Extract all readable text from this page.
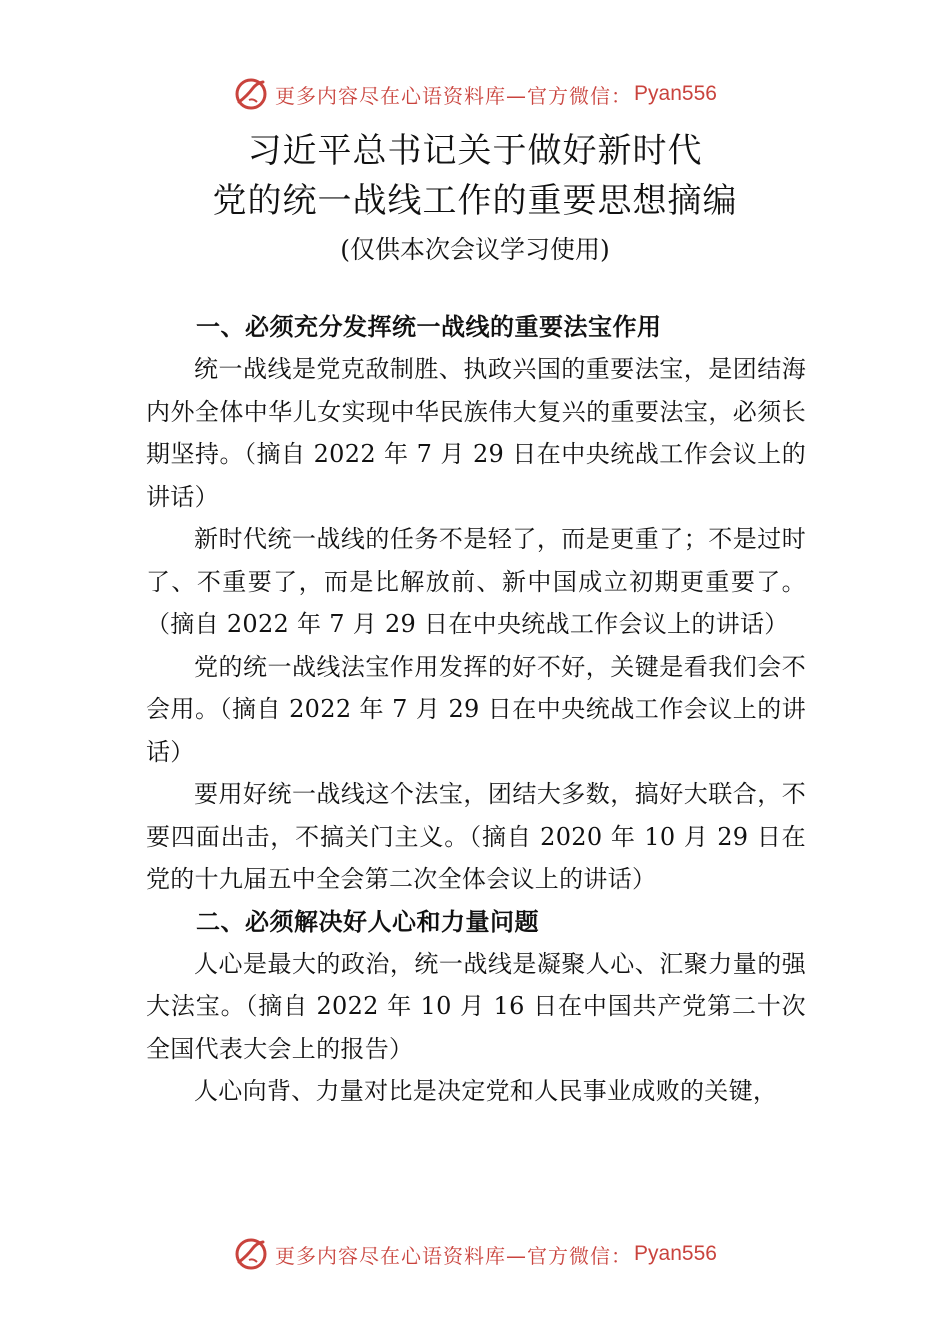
更多内容尽在心语资料库—官方微信： Pyan556
习近平总书记关于做好新时代
党的统一战线工作的重要思想摘编
(仅供本次会议学习使用)

一、必须充分发挥统一战线的重要法宝作用

统一战线是党克敌制胜、执政兴国的重要法宝，是团结海内外全体中华儿女实现中华民族伟大复兴的重要法宝，必须长期坚持。（摘自 2022 年 7 月 29 日在中央统战工作会议上的讲话）

新时代统一战线的任务不是轻了，而是更重了；不是过时了、不重要了，而是比解放前、新中国成立初期更重要了。（摘自 2022 年 7 月 29 日在中央统战工作会议上的讲话）

党的统一战线法宝作用发挥的好不好，关键是看我们会不会用。（摘自 2022 年 7 月 29 日在中央统战工作会议上的讲话）

要用好统一战线这个法宝，团结大多数，搞好大联合，不要四面出击，不搞关门主义。（摘自 2020 年 10 月 29 日在党的十九届五中全会第二次全体会议上的讲话）

二、必须解决好人心和力量问题

人心是最大的政治，统一战线是凝聚人心、汇聚力量的强大法宝。（摘自 2022 年 10 月 16 日在中国共产党第二十次全国代表大会上的报告）

人心向背、力量对比是决定党和人民事业成败的关键，

更多内容尽在心语资料库—官方微信： Pyan556
